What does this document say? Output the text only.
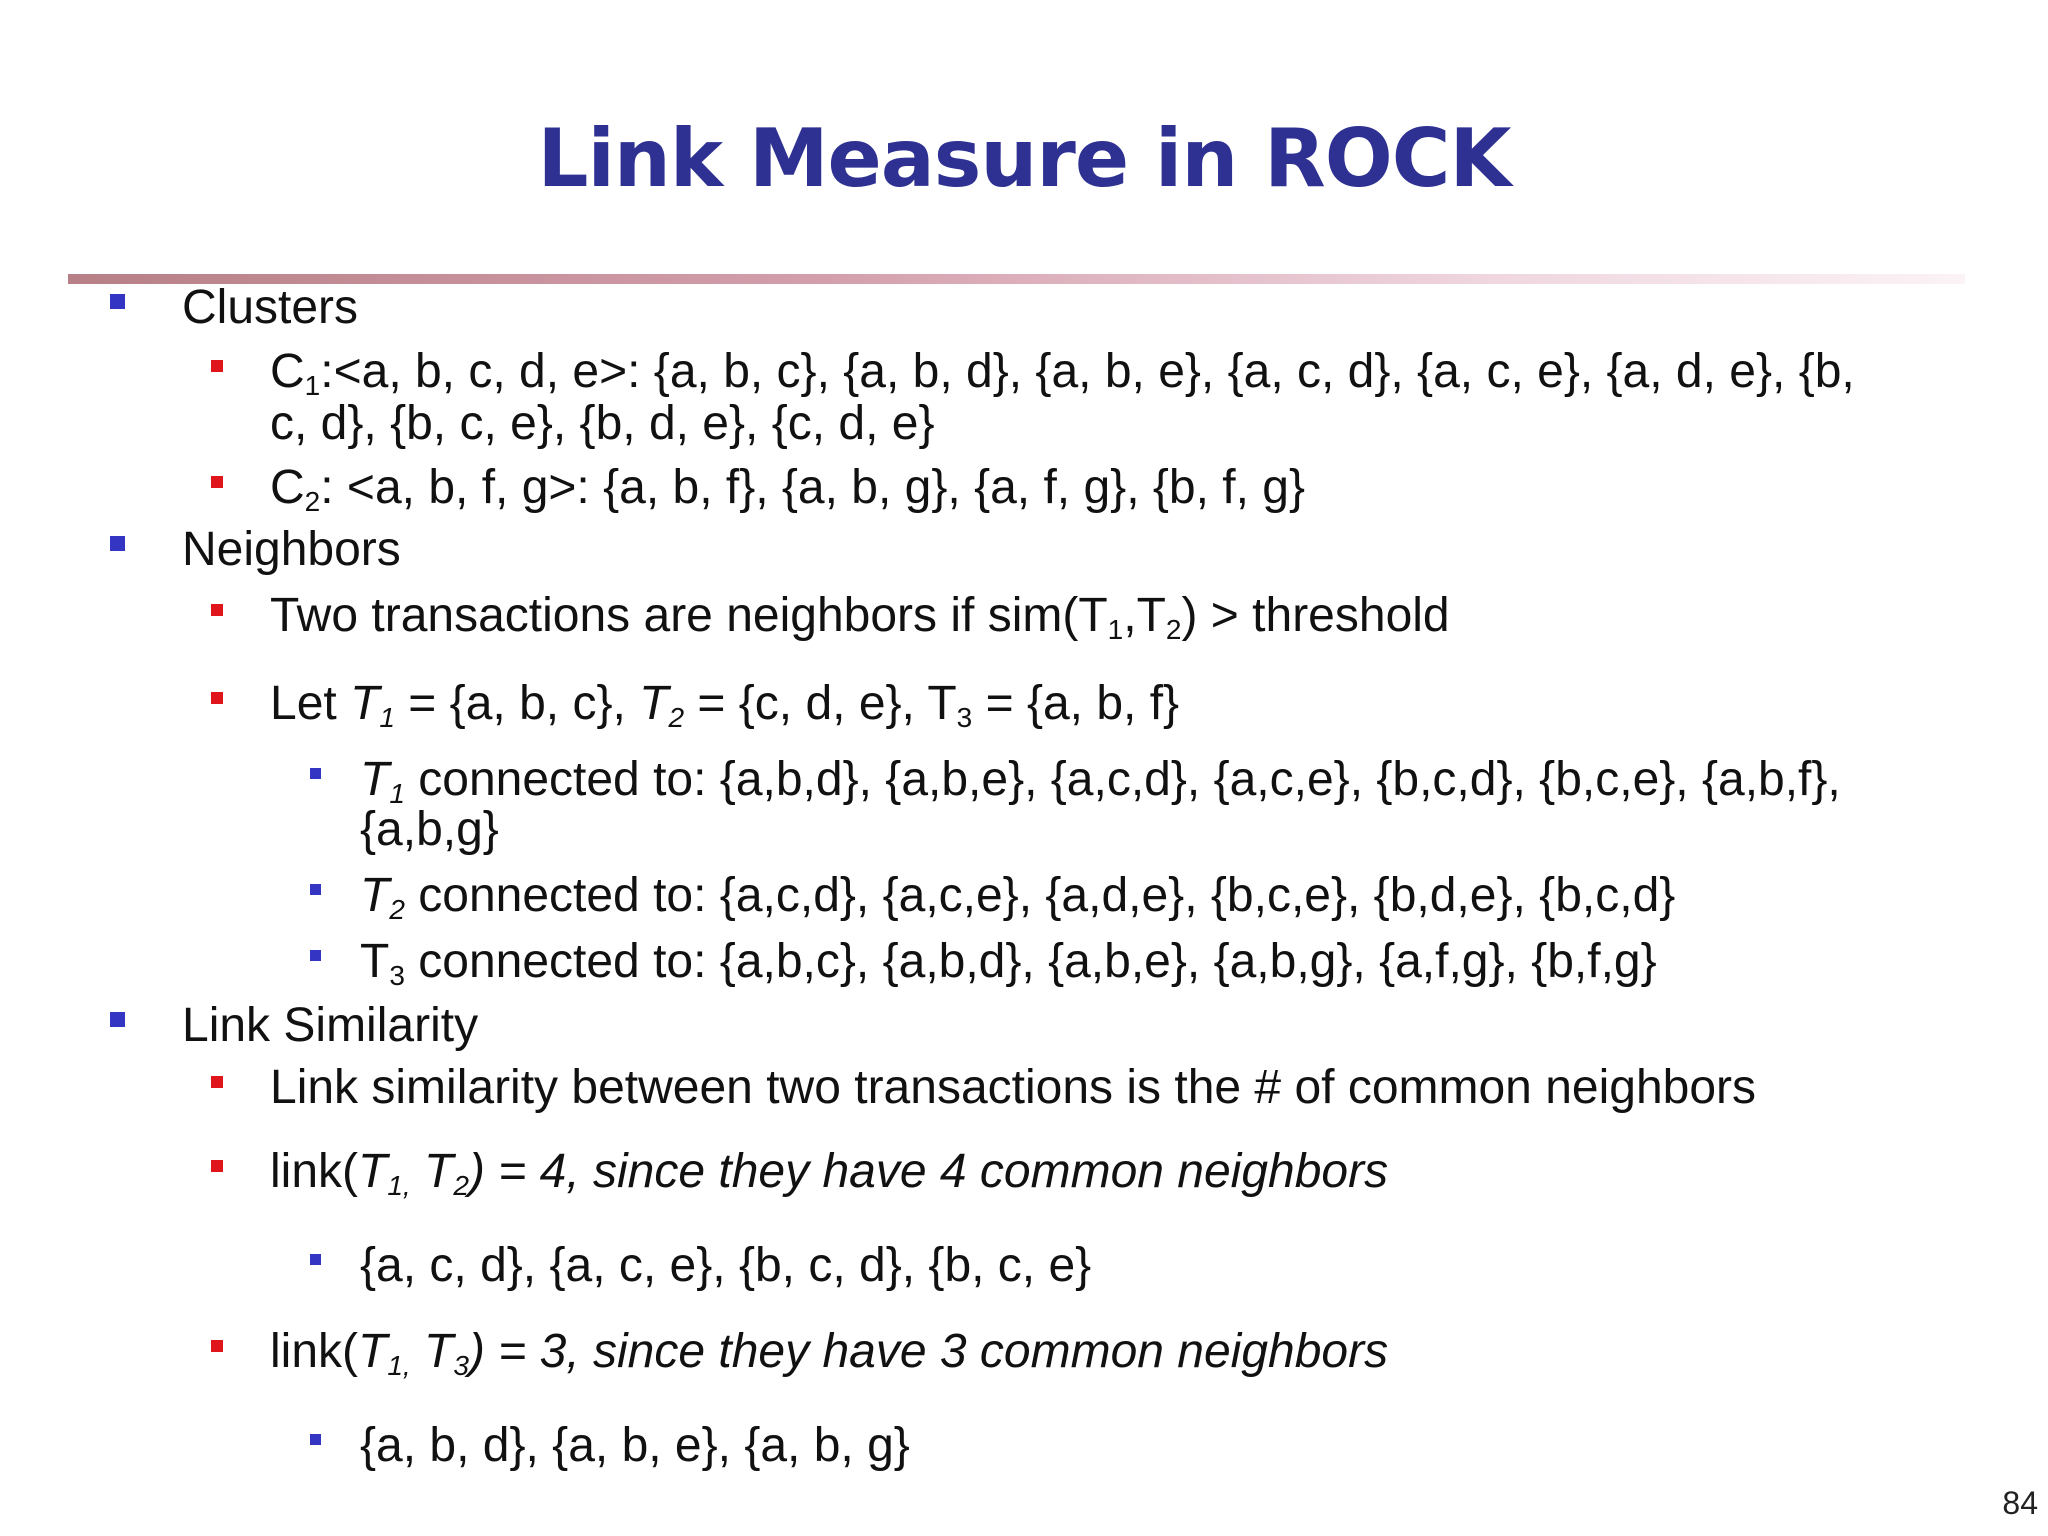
Link Measure in ROCK
Clusters
$C_1:<a$, b, c, d, e>: {a, b, c}, {a, b, d}, {a, b, e}, {a, c, d}, {a, c, e}, {a, d, e}, {b,
c, d}, {b, c, e}, {b, d, e}, {c, d, e}
$C_2$: <a, b, f, g>: {a, b, f}, {a, b, g}, {a, f, g}, {b, f, g}
Neighbors
Two transactions are neighbors if $sim(T_1,T_2)$ > threshold
Let $T_1 = \{a$, b, c}, $T_2 = \{c$, d, e}, $T_3 = \{a$, b, f}
$T_1$ connected to: {a,b,d}, {a,b,e}, {a,c,d}, {a,c,e}, {b,c,d}, {b,c,e}, {a,b,f},
{a,b,g}
$T_2$ connected to: {a,c,d}, {a,c,e}, {a,d,e}, {b,c,e}, {b,d,e}, {b,c,d}
$T_3$ connected to: {a,b,c}, {a,b,d}, {a,b,e}, {a,b,g}, {a,f,g}, {b,f,g}
Link Similarity
Link similarity between two transactions is the # of common neighbors
$link(T_{1,}$ $T_2) = 4$, since they have 4 common neighbors
{a, c, d}, {a, c, e}, {b, c, d}, {b, c, e}
$link(T_{1,}$ $T_3) = 3$, since they have 3 common neighbors
{a, b, d}, {a, b, e}, {a, b, g}
84
